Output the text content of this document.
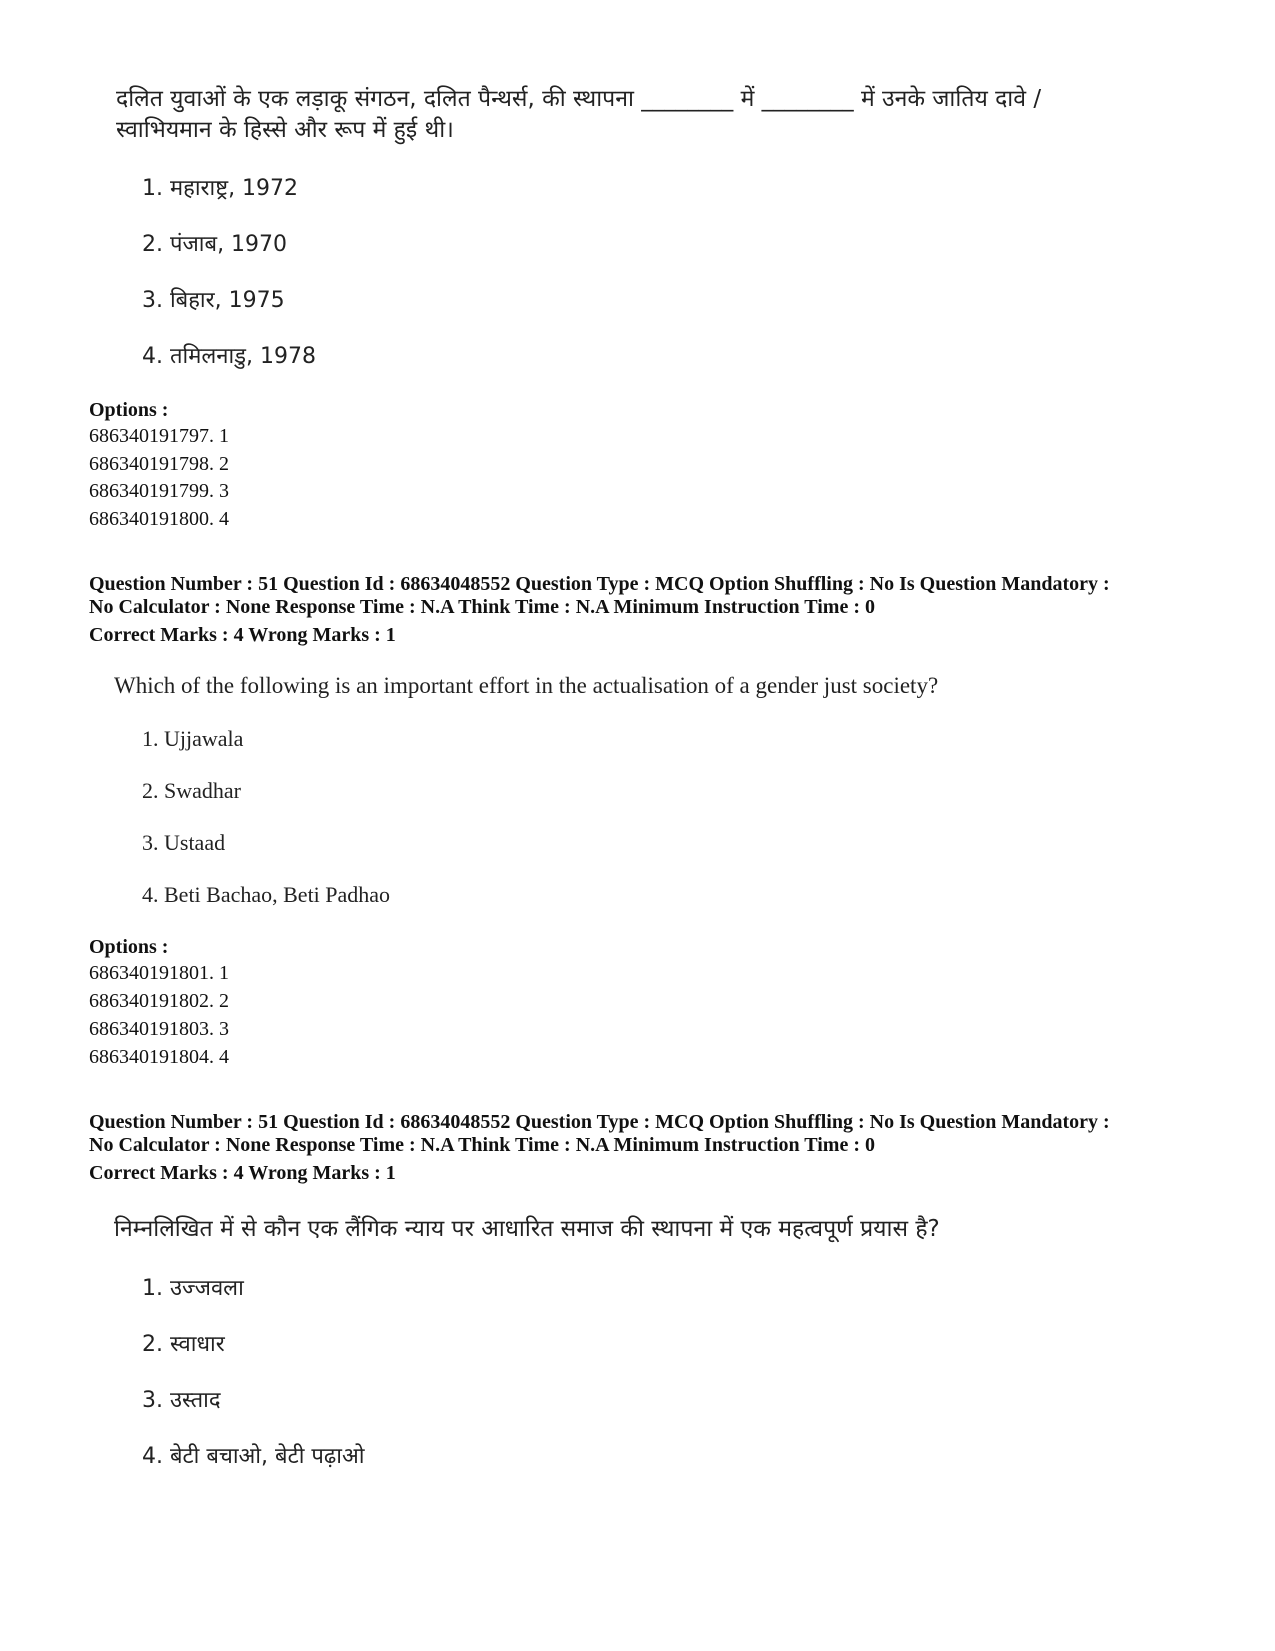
दलित युवाओं के एक लड़ाकू संगठन, दलित पैन्थर्स, की स्थापना ________ में ________ में उनके जातिय दावे /
स्वाभियमान के हिस्से और रूप में हुई थी।
1. महाराष्ट्र, 1972
2. पंजाब, 1970
3. बिहार, 1975
4. तमिलनाडु, 1978
Options :
686340191797. 1
686340191798. 2
686340191799. 3
686340191800. 4
Question Number : 51 Question Id : 68634048552 Question Type : MCQ Option Shuffling : No Is Question Mandatory :
No Calculator : None Response Time : N.A Think Time : N.A Minimum Instruction Time : 0
Correct Marks : 4 Wrong Marks : 1
Which of the following is an important effort in the actualisation of a gender just society?
1. Ujjawala
2. Swadhar
3. Ustaad
4. Beti Bachao, Beti Padhao
Options :
686340191801. 1
686340191802. 2
686340191803. 3
686340191804. 4
Question Number : 51 Question Id : 68634048552 Question Type : MCQ Option Shuffling : No Is Question Mandatory :
No Calculator : None Response Time : N.A Think Time : N.A Minimum Instruction Time : 0
Correct Marks : 4 Wrong Marks : 1
निम्नलिखित में से कौन एक लैंगिक न्याय पर आधारित समाज की स्थापना में एक महत्वपूर्ण प्रयास है?
1. उज्जवला
2. स्वाधार
3. उस्ताद
4. बेटी बचाओ, बेटी पढ़ाओ
